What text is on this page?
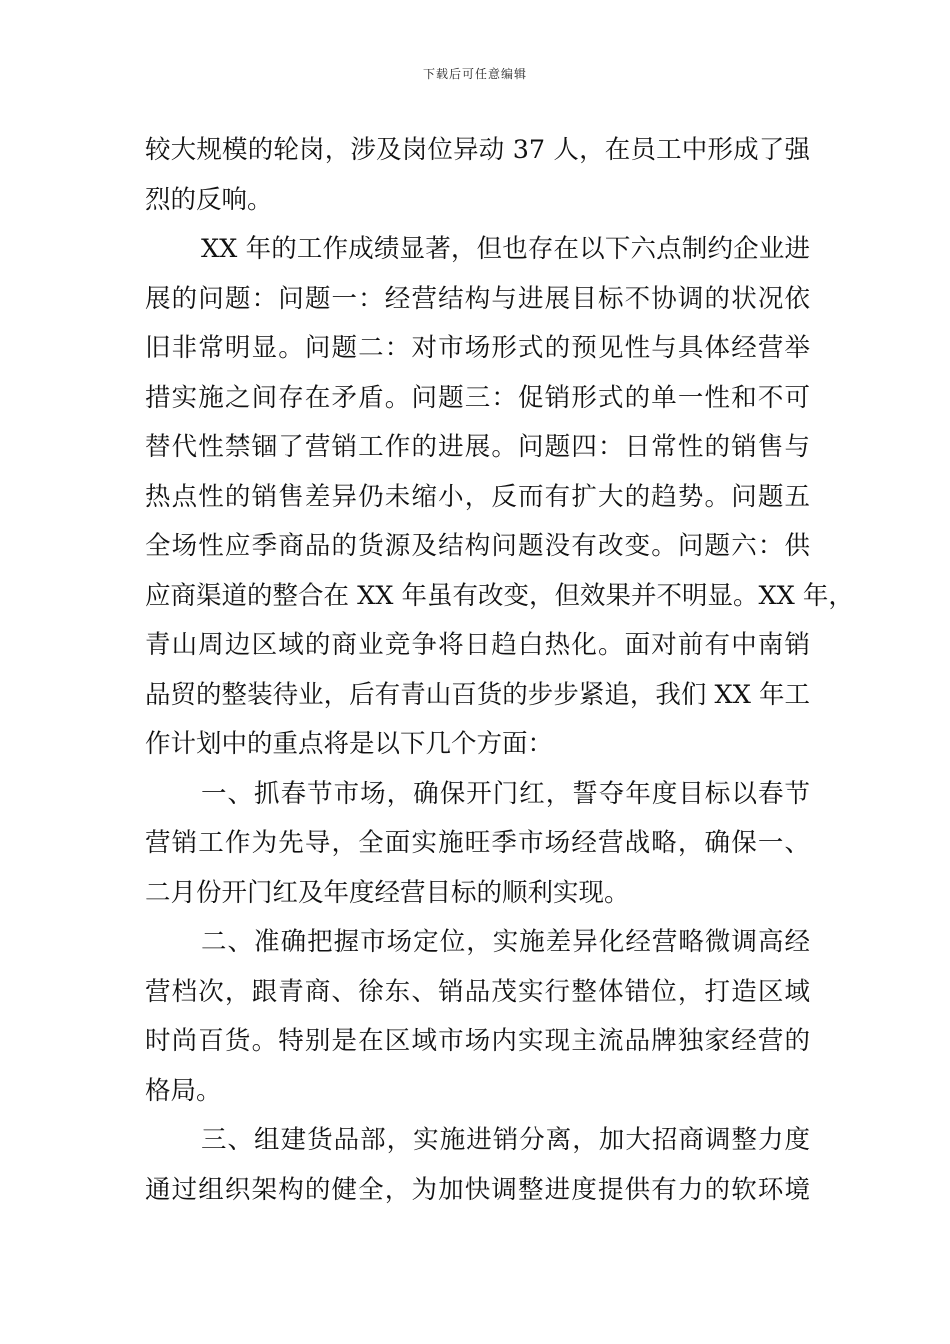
下载后可任意编辑
较大规模的轮岗，涉及岗位异动 37 人，在员工中形成了强
烈的反响。
XX 年的工作成绩显著，但也存在以下六点制约企业进
展的问题：问题一：经营结构与进展目标不协调的状况依
旧非常明显。问题二：对市场形式的预见性与具体经营举
措实施之间存在矛盾。问题三：促销形式的单一性和不可
替代性禁锢了营销工作的进展。问题四：日常性的销售与
热点性的销售差异仍未缩小，反而有扩大的趋势。问题五
全场性应季商品的货源及结构问题没有改变。问题六：供
应商渠道的整合在 XX 年虽有改变，但效果并不明显。XX 年，
青山周边区域的商业竞争将日趋白热化。面对前有中南销
品贸的整装待业，后有青山百货的步步紧追，我们 XX 年工
作计划中的重点将是以下几个方面：
一、抓春节市场，确保开门红，誓夺年度目标以春节
营销工作为先导，全面实施旺季市场经营战略，确保一、
二月份开门红及年度经营目标的顺利实现。
二、准确把握市场定位，实施差异化经营略微调高经
营档次，跟青商、徐东、销品茂实行整体错位，打造区域
时尚百货。特别是在区域市场内实现主流品牌独家经营的
格局。
三、组建货品部，实施进销分离，加大招商调整力度
通过组织架构的健全，为加快调整进度提供有力的软环境
